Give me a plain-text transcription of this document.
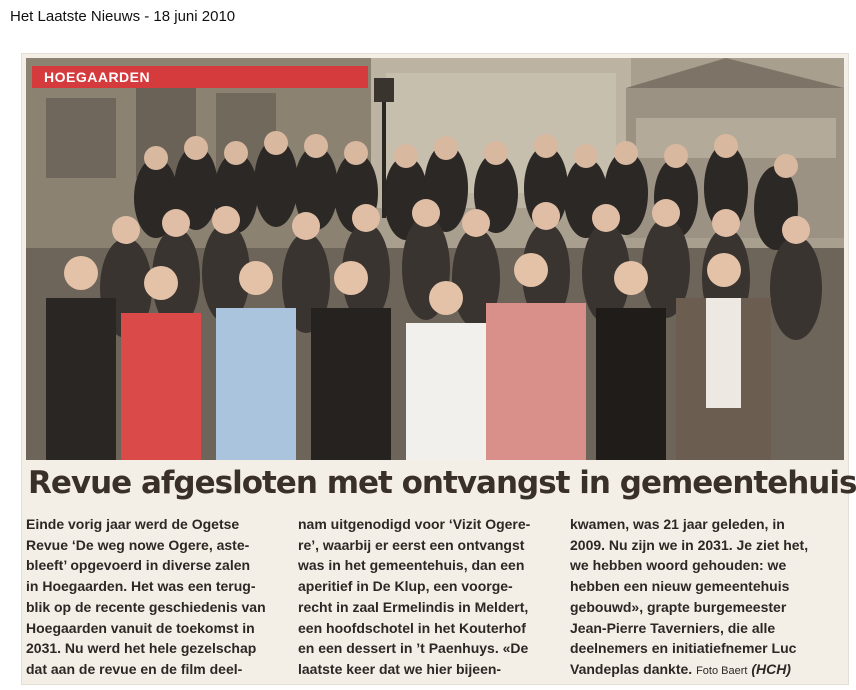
Het Laatste Nieuws - 18 juni 2010
HOEGAARDEN
Revue afgesloten met ontvangst in gemeentehuis
Einde vorig jaar werd de Ogetse
Revue ‘De weg nowe Ogere, aste-
bleeft’ opgevoerd in diverse zalen
in Hoegaarden. Het was een terug-
blik op de recente geschiedenis van
Hoegaarden vanuit de toekomst in
2031. Nu werd het hele gezelschap
dat aan de revue en de film deel-
nam uitgenodigd voor ‘Vizit Ogere-
re’, waarbij er eerst een ontvangst
was in het gemeentehuis, dan een
aperitief in De Klup, een voorge-
recht in zaal Ermelindis in Meldert,
een hoofdschotel in het Kouterhof
en een dessert in ’t Paenhuys. «De
laatste keer dat we hier bijeen-
kwamen, was 21 jaar geleden, in
2009. Nu zijn we in 2031. Je ziet het,
we hebben woord gehouden: we
hebben een nieuw gemeentehuis
gebouwd», grapte burgemeester
Jean-Pierre Taverniers, die alle
deelnemers en initiatiefnemer Luc
Vandeplas dankte. Foto Baert (HCH)
